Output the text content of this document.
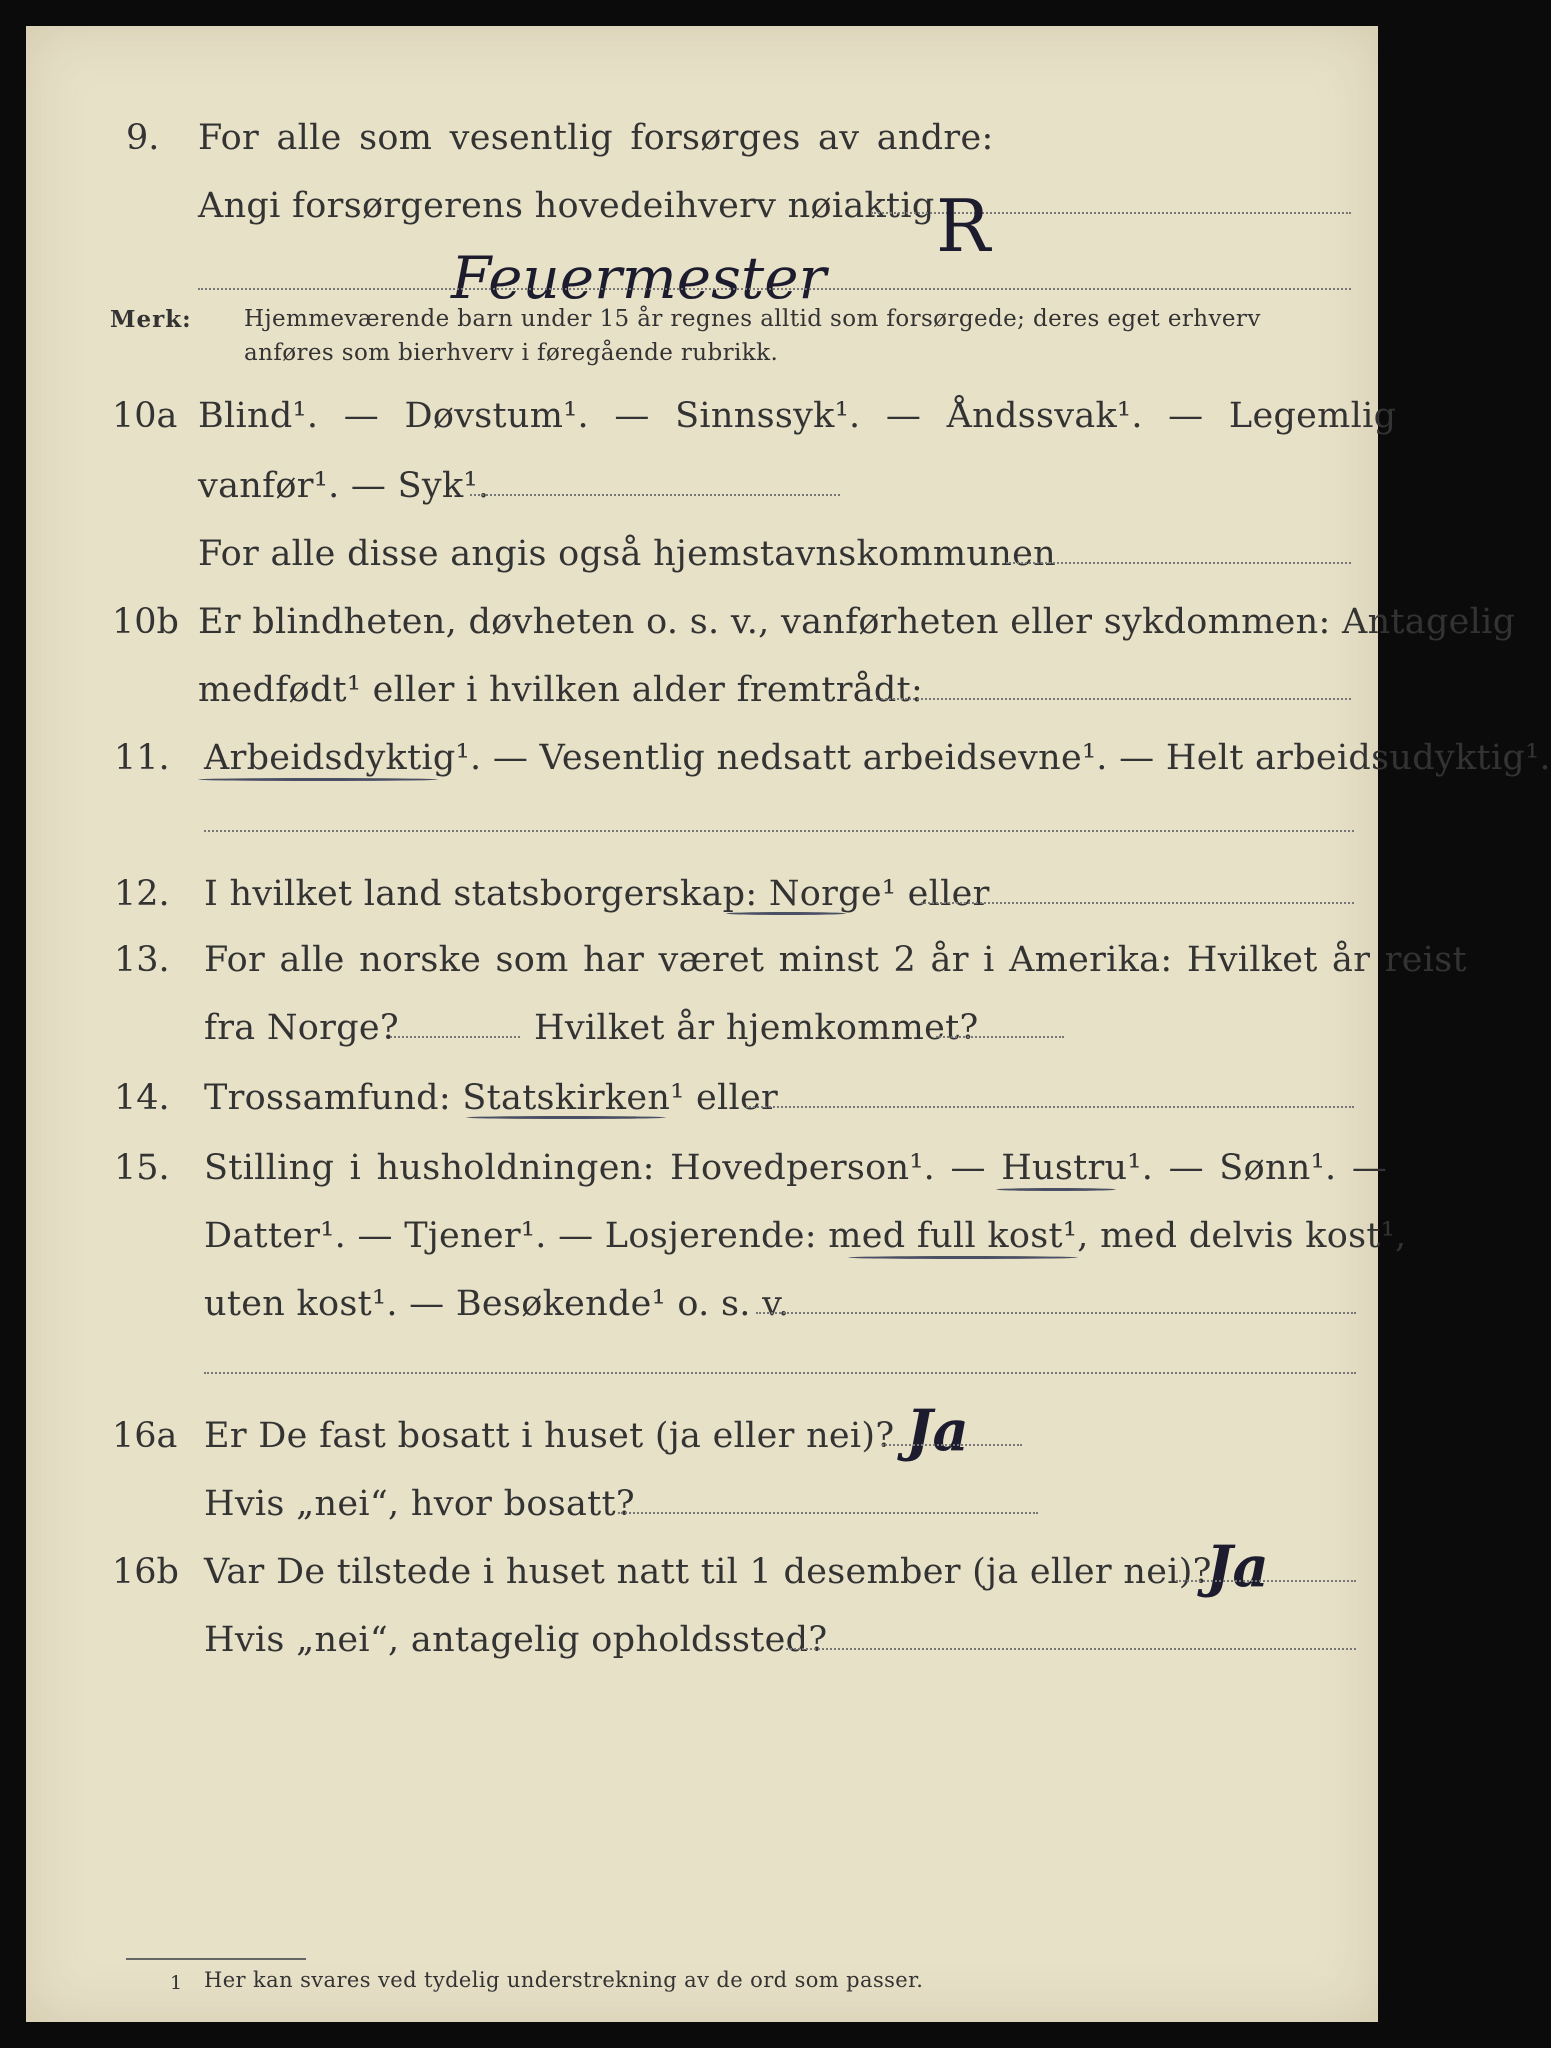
9. For alle som vesentlig forsørges av andre:
Angi forsørgerens hovedeihverv nøiaktig
Feuermester
R
Merk: Hjemmeværende barn under 15 år regnes alltid som forsørgede; deres eget erhverv
anføres som bierhverv i føregående rubrikk.
10a Blind¹. — Døvstum¹. — Sinnssyk¹. — Åndssvak¹. — Legemlig
vanfør¹. — Syk¹.
For alle disse angis også hjemstavnskommunen
10b Er blindheten, døvheten o. s. v., vanførheten eller sykdommen: Antagelig
medfødt¹ eller i hvilken alder fremtrådt:
11. Arbeidsdyktig¹. — Vesentlig nedsatt arbeidsevne¹. — Helt arbeidsudyktig¹.
12. I hvilket land statsborgerskap: Norge¹ eller
13. For alle norske som har været minst 2 år i Amerika: Hvilket år reist
fra Norge?	Hvilket år hjemkommet?
14. Trossamfund: Statskirken¹ eller
15. Stilling i husholdningen: Hovedperson¹. — Hustru¹. — Sønn¹. —
Datter¹. — Tjener¹. — Losjerende: med full kost¹, med delvis kost¹,
uten kost¹. — Besøkende¹ o. s. v.
16a Er De fast bosatt i huset (ja eller nei)? Ja
Hvis „nei“, hvor bosatt?
16b Var De tilstede i huset natt til 1 desember (ja eller nei)?
Ja
Hvis „nei“, antagelig opholdssted?
1 Her kan svares ved tydelig understrekning av de ord som passer.
